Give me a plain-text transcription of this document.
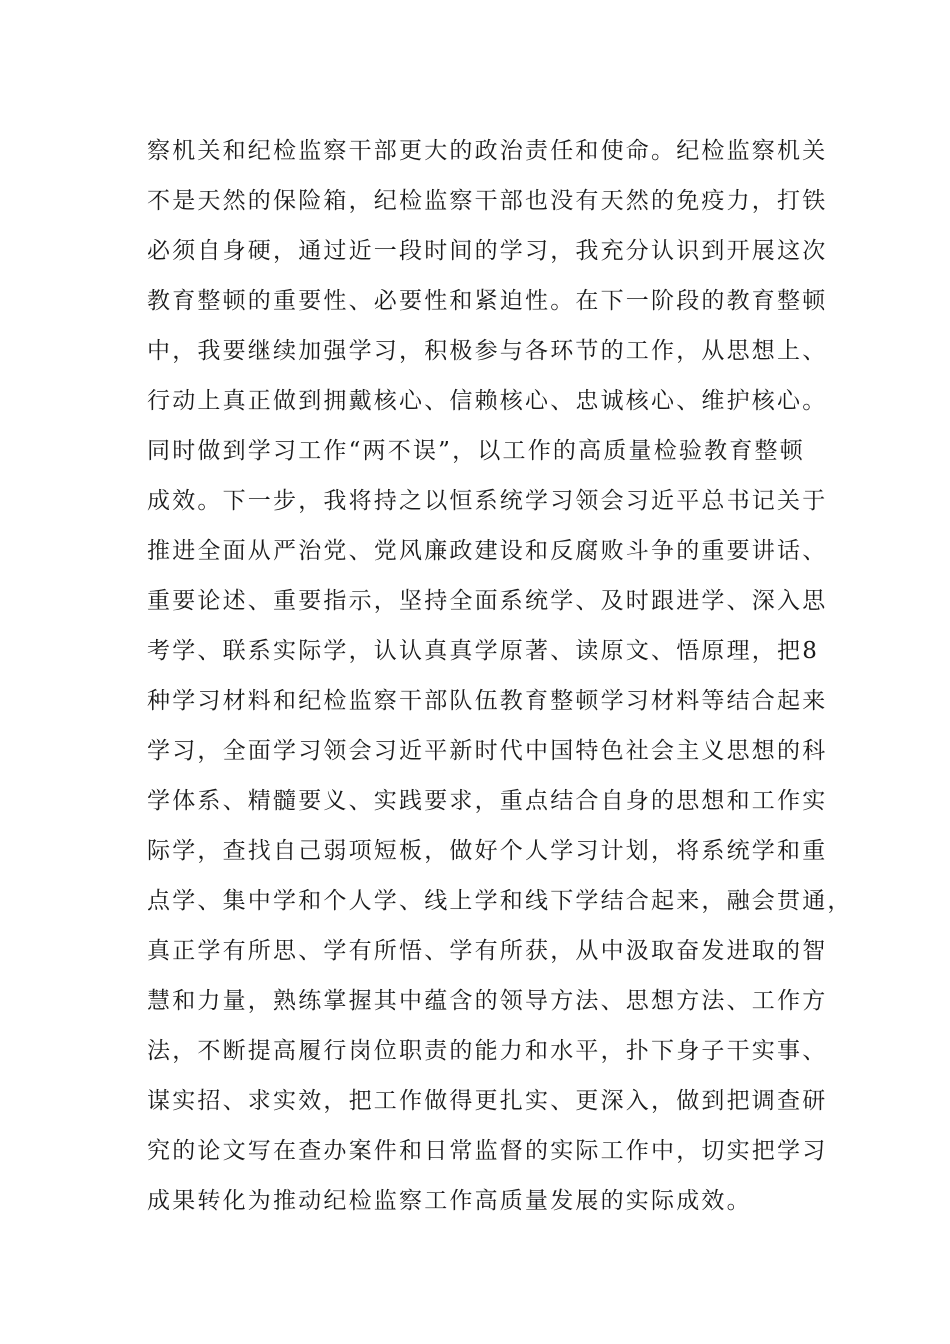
察机关和纪检监察干部更大的政治责任和使命。纪检监察机关
不是天然的保险箱，纪检监察干部也没有天然的免疫力，打铁
必须自身硬，通过近一段时间的学习，我充分认识到开展这次
教育整顿的重要性、必要性和紧迫性。在下一阶段的教育整顿
中，我要继续加强学习，积极参与各环节的工作，从思想上、
行动上真正做到拥戴核心、信赖核心、忠诚核心、维护核心。
同时做到学习工作“两不误”，以工作的高质量检验教育整顿
成效。下一步，我将持之以恒系统学习领会习近平总书记关于
推进全面从严治党、党风廉政建设和反腐败斗争的重要讲话、
重要论述、重要指示，坚持全面系统学、及时跟进学、深入思
考学、联系实际学，认认真真学原著、读原文、悟原理，把8
种学习材料和纪检监察干部队伍教育整顿学习材料等结合起来
学习，全面学习领会习近平新时代中国特色社会主义思想的科
学体系、精髓要义、实践要求，重点结合自身的思想和工作实
际学，查找自己弱项短板，做好个人学习计划，将系统学和重
点学、集中学和个人学、线上学和线下学结合起来，融会贯通，
真正学有所思、学有所悟、学有所获，从中汲取奋发进取的智
慧和力量，熟练掌握其中蕴含的领导方法、思想方法、工作方
法，不断提高履行岗位职责的能力和水平，扑下身子干实事、
谋实招、求实效，把工作做得更扎实、更深入，做到把调查研
究的论文写在查办案件和日常监督的实际工作中，切实把学习
成果转化为推动纪检监察工作高质量发展的实际成效。
